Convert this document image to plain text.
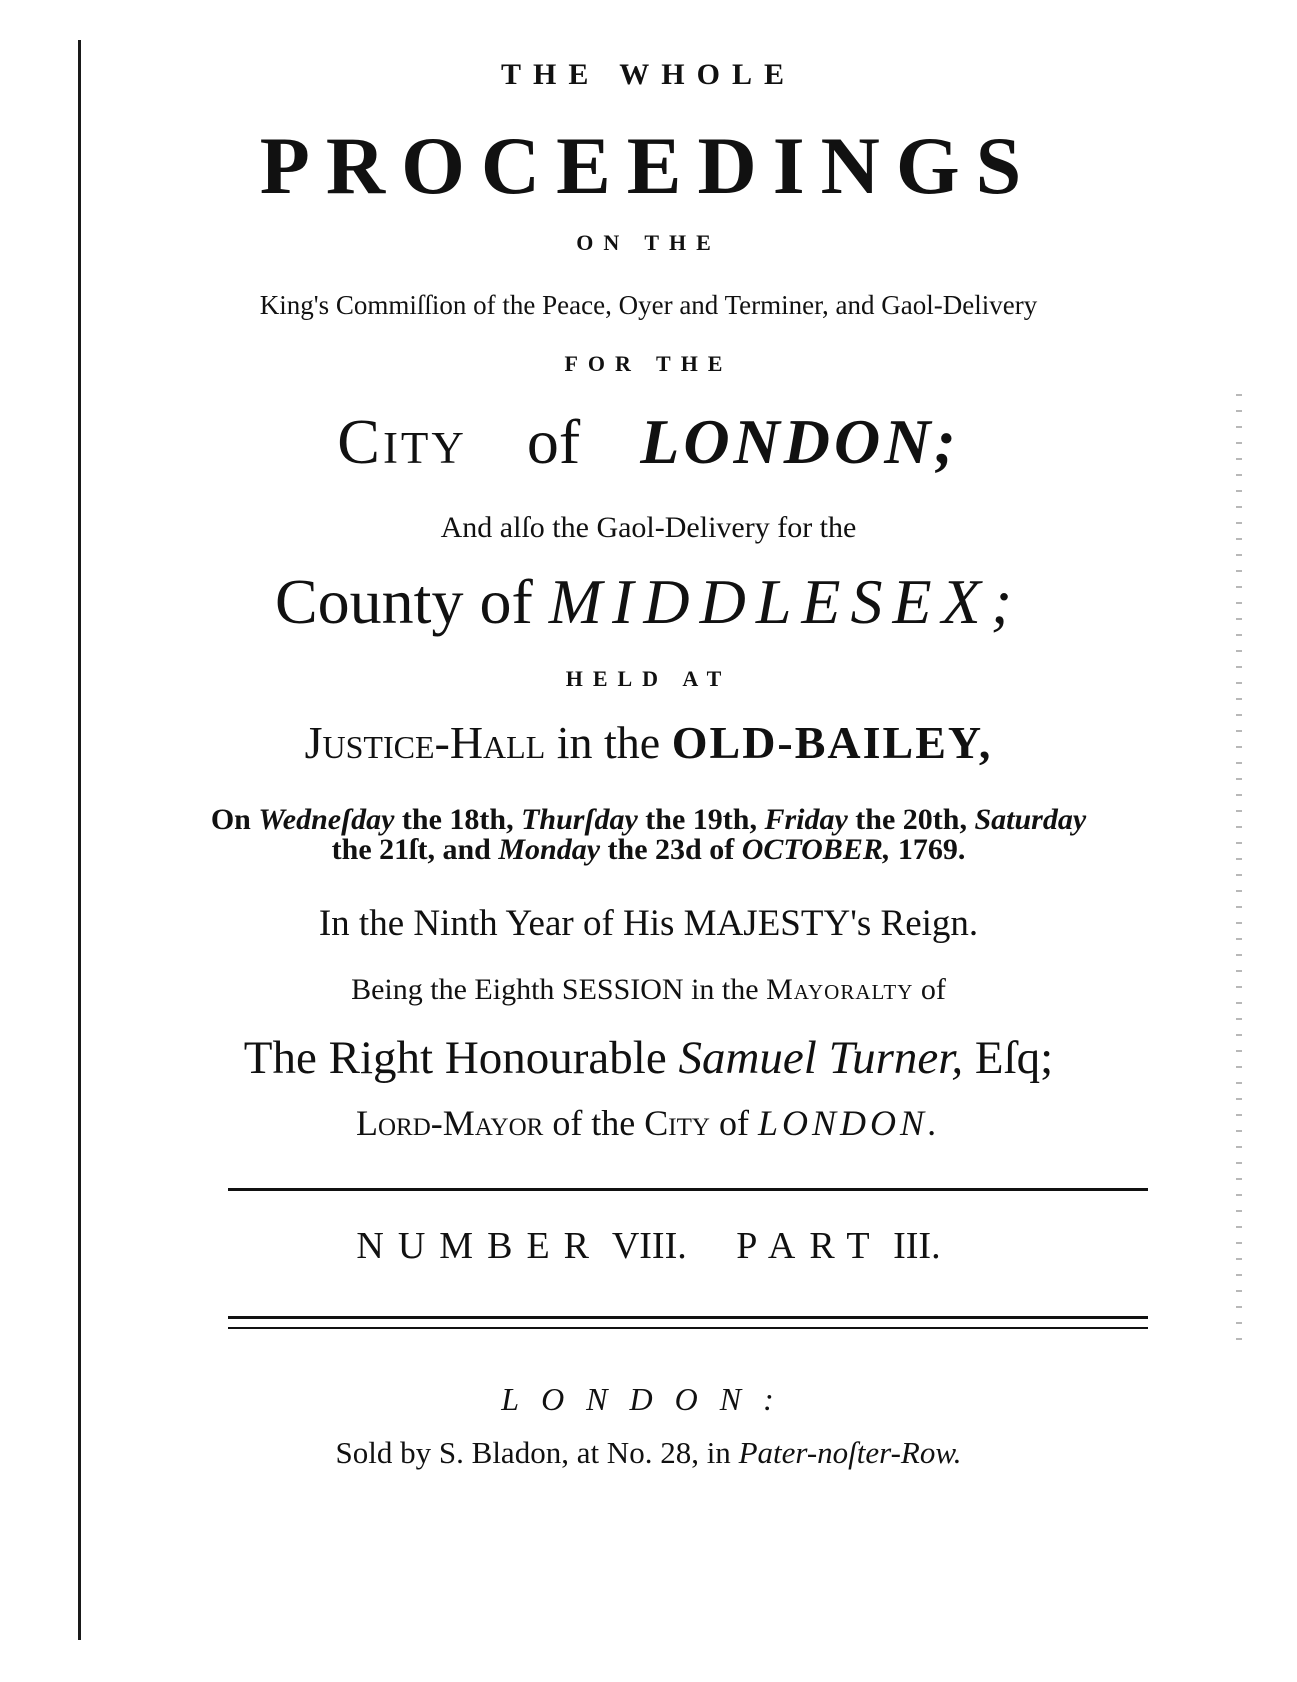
THE WHOLE
PROCEEDINGS
ON THE
King's Commiſſion of the Peace, Oyer and Terminer, and Gaol-Delivery
FOR THE
City of LONDON;
And alſo the Gaol-Delivery for the
County of MIDDLESEX;
HELD AT
Justice-Hall in the OLD-BAILEY,
On Wedneſday the 18th, Thurſday the 19th, Friday the 20th, Saturday
the 21ſt, and Monday the 23d of OCTOBER, 1769.
In the Ninth Year of His MAJESTY's Reign.
Being the Eighth SESSION in the Mayoralty of
The Right Honourable Samuel Turner, Eſq;
Lord-Mayor of the City of LONDON.
NUMBER VIII. PART III.
LONDON:
Sold by S. Bladon, at No. 28, in Pater-noſter-Row.
